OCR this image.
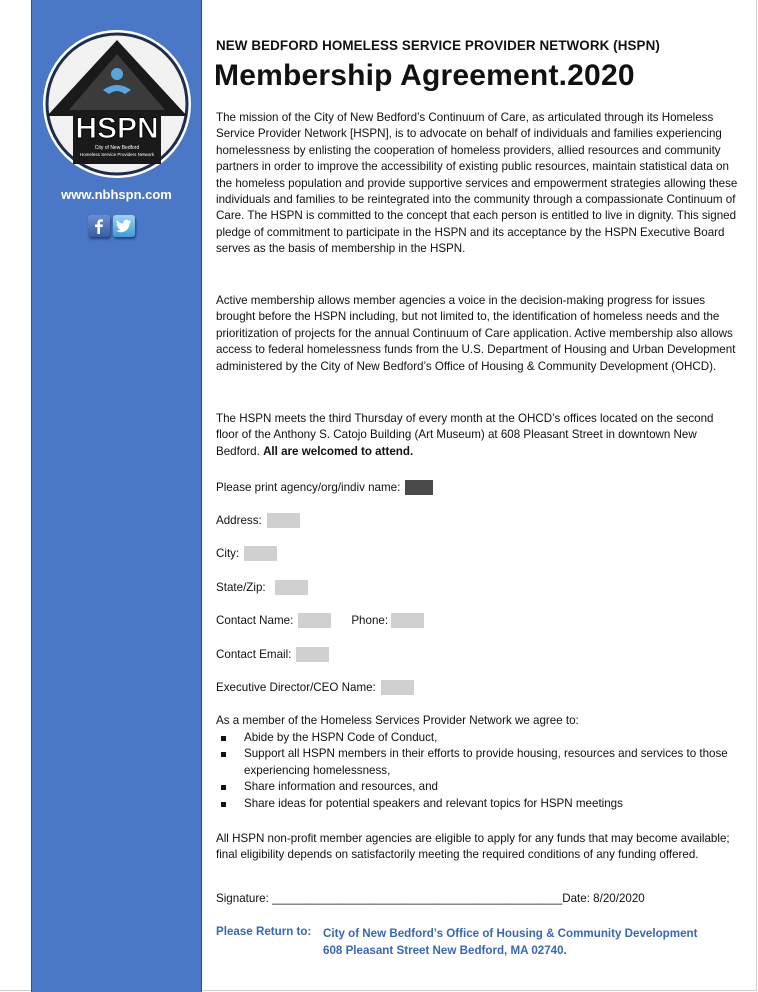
HSPN
City of New Bedford
Homeless Service Providers Network
www.nbhspn.com
NEW BEDFORD HOMELESS SERVICE PROVIDER NETWORK (HSPN)
Membership Agreement.2020

The mission of the City of New Bedford’s Continuum of Care, as articulated through its Homeless Service Provider Network [HSPN], is to advocate on behalf of individuals and families experiencing homelessness by enlisting the cooperation of homeless providers, allied resources and community partners in order to improve the accessibility of existing public resources, maintain statistical data on the homeless population and provide supportive services and empowerment strategies allowing these individuals and families to be reintegrated into the community through a compassionate Continuum of Care. The HSPN is committed to the concept that each person is entitled to live in dignity. This signed pledge of commitment to participate in the HSPN and its acceptance by the HSPN Executive Board serves as the basis of membership in the HSPN.

Active membership allows member agencies a voice in the decision-making progress for issues brought before the HSPN including, but not limited to, the identification of homeless needs and the prioritization of projects for the annual Continuum of Care application. Active membership also allows access to federal homelessness funds from the U.S. Department of Housing and Urban Development administered by the City of New Bedford’s Office of Housing & Community Development (OHCD).

The HSPN meets the third Thursday of every month at the OHCD’s offices located on the second floor of the Anthony S. Catojo Building (Art Museum) at 608 Pleasant Street in downtown New Bedford. All are welcomed to attend.

Please print agency/org/indiv name:
Address:
City:
State/Zip:
Contact Name:	Phone:
Contact Email:
Executive Director/CEO Name:
As a member of the Homeless Services Provider Network we agree to:
Abide by the HSPN Code of Conduct,
Support all HSPN members in their efforts to provide housing, resources and services to those experiencing homelessness,
Share information and resources, and
Share ideas for potential speakers and relevant topics for HSPN meetings

All HSPN non-profit member agencies are eligible to apply for any funds that may become available; final eligibility depends on satisfactorily meeting the required conditions of any funding offered.

Signature: _____________________________________________Date: 8/20/2020
Please Return to: City of New Bedford’s Office of Housing & Community Development
608 Pleasant Street New Bedford, MA 02740.
